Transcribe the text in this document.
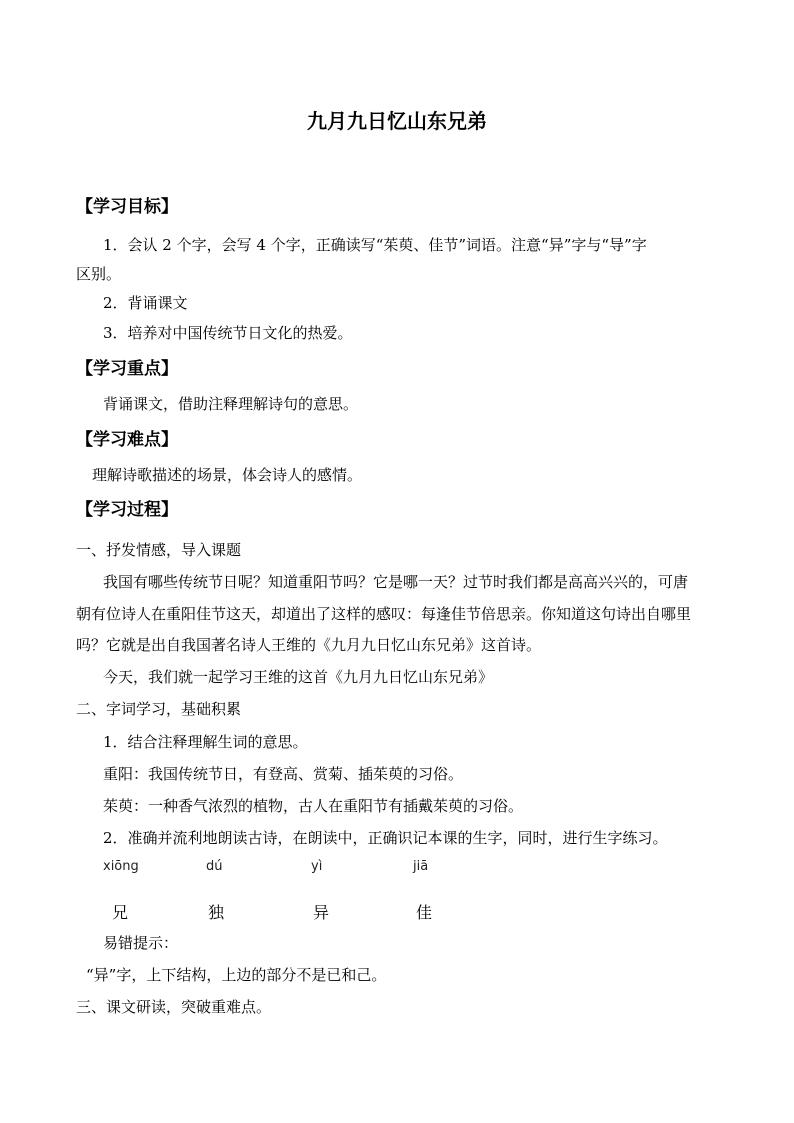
九月九日忆山东兄弟
【学习目标】
1．会认 2 个字，会写 4 个字，正确读写“茱萸、佳节”词语。注意“异”字与“导”字
区别。
2．背诵课文
3．培养对中国传统节日文化的热爱。
【学习重点】
背诵课文，借助注释理解诗句的意思。
【学习难点】
理解诗歌描述的场景，体会诗人的感情。
【学习过程】
一、抒发情感，导入课题
我国有哪些传统节日呢？知道重阳节吗？它是哪一天？过节时我们都是高高兴兴的，可唐
朝有位诗人在重阳佳节这天，却道出了这样的感叹：每逢佳节倍思亲。你知道这句诗出自哪里
吗？它就是出自我国著名诗人王维的《九月九日忆山东兄弟》这首诗。
今天，我们就一起学习王维的这首《九月九日忆山东兄弟》
二、字词学习，基础积累
1．结合注释理解生词的意思。
重阳：我国传统节日，有登高、赏菊、插茱萸的习俗。
茱萸：一种香气浓烈的植物，古人在重阳节有插戴茱萸的习俗。
2．准确并流利地朗读古诗，在朗读中，正确识记本课的生字，同时，进行生字练习。
xiōng	dú	yì	jiā
兄	独	异	佳
易错提示：
“异”字，上下结构，上边的部分不是已和己。
三、课文研读，突破重难点。
